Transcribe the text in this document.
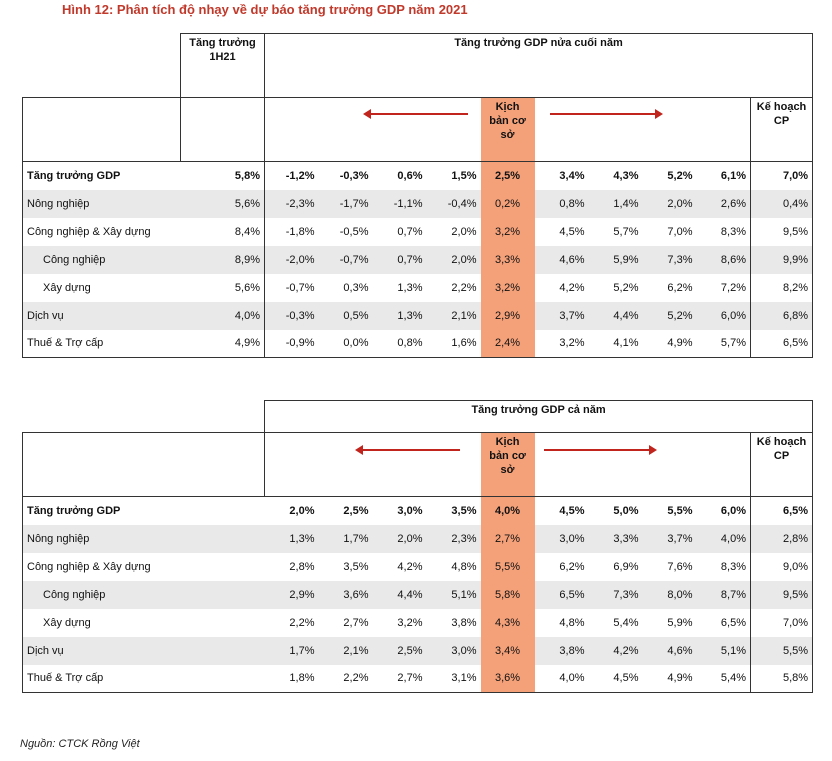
Hình 12: Phân tích độ nhạy về dự báo tăng trưởng GDP năm 2021
	Tăng trưởng 1H21	Tăng trưởng GDP nửa cuối năm									
						Kịch bản cơ sở					Kế hoạch CP
Tăng trưởng GDP	5,8%	-1,2%	-0,3%	0,6%	1,5%	2,5%	3,4%	4,3%	5,2%	6,1%	7,0%
Nông nghiệp	5,6%	-2,3%	-1,7%	-1,1%	-0,4%	0,2%	0,8%	1,4%	2,0%	2,6%	0,4%
Công nghiệp & Xây dựng	8,4%	-1,8%	-0,5%	0,7%	2,0%	3,2%	4,5%	5,7%	7,0%	8,3%	9,5%
Công nghiệp	8,9%	-2,0%	-0,7%	0,7%	2,0%	3,3%	4,6%	5,9%	7,3%	8,6%	9,9%
Xây dựng	5,6%	-0,7%	0,3%	1,3%	2,2%	3,2%	4,2%	5,2%	6,2%	7,2%	8,2%
Dịch vụ	4,0%	-0,3%	0,5%	1,3%	2,1%	2,9%	3,7%	4,4%	5,2%	6,0%	6,8%
Thuế & Trợ cấp	4,9%	-0,9%	0,0%	0,8%	1,6%	2,4%	3,2%	4,1%	4,9%	5,7%	6,5%
	Tăng trưởng GDP cả năm									
					Kịch bản cơ sở					Kế hoạch CP
Tăng trưởng GDP	2,0%	2,5%	3,0%	3,5%	4,0%	4,5%	5,0%	5,5%	6,0%	6,5%
Nông nghiệp	1,3%	1,7%	2,0%	2,3%	2,7%	3,0%	3,3%	3,7%	4,0%	2,8%
Công nghiệp & Xây dựng	2,8%	3,5%	4,2%	4,8%	5,5%	6,2%	6,9%	7,6%	8,3%	9,0%
Công nghiệp	2,9%	3,6%	4,4%	5,1%	5,8%	6,5%	7,3%	8,0%	8,7%	9,5%
Xây dựng	2,2%	2,7%	3,2%	3,8%	4,3%	4,8%	5,4%	5,9%	6,5%	7,0%
Dịch vụ	1,7%	2,1%	2,5%	3,0%	3,4%	3,8%	4,2%	4,6%	5,1%	5,5%
Thuế & Trợ cấp	1,8%	2,2%	2,7%	3,1%	3,6%	4,0%	4,5%	4,9%	5,4%	5,8%
Nguồn: CTCK Rồng Việt
